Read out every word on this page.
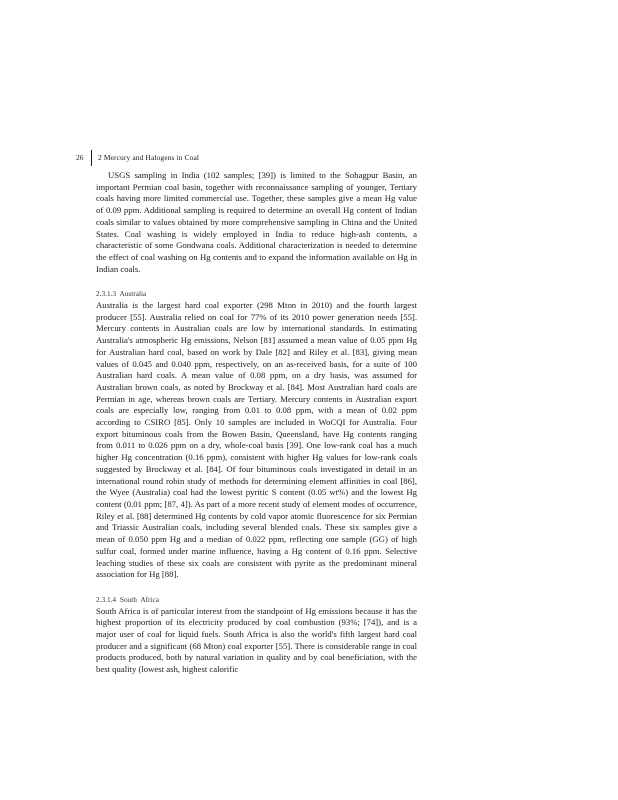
26 2 Mercury and Halogens in Coal

USGS sampling in India (102 samples; [39]) is limited to the Sohagpur Basin, an important Permian coal basin, together with reconnaissance sampling of younger, Tertiary coals having more limited commercial use. Together, these samples give a mean Hg value of 0.09 ppm. Additional sampling is required to determine an overall Hg content of Indian coals similar to values obtained by more comprehensive sampling in China and the United States. Coal washing is widely employed in India to reduce high-ash contents, a characteristic of some Gondwana coals. Additional characterization is needed to determine the effect of coal washing on Hg contents and to expand the information available on Hg in Indian coals.

2.3.1.3 Australia

Australia is the largest hard coal exporter (298 Mton in 2010) and the fourth largest producer [55]. Australia relied on coal for 77% of its 2010 power generation needs [55]. Mercury contents in Australian coals are low by international standards. In estimating Australia's atmospheric Hg emissions, Nelson [81] assumed a mean value of 0.05 ppm Hg for Australian hard coal, based on work by Dale [82] and Riley et al. [83], giving mean values of 0.045 and 0.040 ppm, respectively, on an as-received basis, for a suite of 100 Australian hard coals. A mean value of 0.08 ppm, on a dry basis, was assumed for Australian brown coals, as noted by Brockway et al. [84]. Most Australian hard coals are Permian in age, whereas brown coals are Tertiary. Mercury contents in Australian export coals are especially low, ranging from 0.01 to 0.08 ppm, with a mean of 0.02 ppm according to CSIRO [85]. Only 10 samples are included in WoCQI for Australia. Four export bituminous coals from the Bowen Basin, Queensland, have Hg contents ranging from 0.011 to 0.026 ppm on a dry, whole-coal basis [39]. One low-rank coal has a much higher Hg concentration (0.16 ppm), consistent with higher Hg values for low-rank coals suggested by Brockway et al. [84]. Of four bituminous coals investigated in detail in an international round robin study of methods for determining element affinities in coal [86], the Wyee (Australia) coal had the lowest pyritic S content (0.05 wt%) and the lowest Hg content (0.01 ppm; [87, 4]). As part of a more recent study of element modes of occurrence, Riley et al. [88] determined Hg contents by cold vapor atomic fluorescence for six Permian and Triassic Australian coals, including several blended coals. These six samples give a mean of 0.050 ppm Hg and a median of 0.022 ppm, reflecting one sample (GG) of high sulfur coal, formed under marine influence, having a Hg content of 0.16 ppm. Selective leaching studies of these six coals are consistent with pyrite as the predominant mineral association for Hg [88].

2.3.1.4 South Africa

South Africa is of particular interest from the standpoint of Hg emissions because it has the highest proportion of its electricity produced by coal combustion (93%; [74]), and is a major user of coal for liquid fuels. South Africa is also the world's fifth largest hard coal producer and a significant (68 Mton) coal exporter [55]. There is considerable range in coal products produced, both by natural variation in quality and by coal beneficiation, with the best quality (lowest ash, highest calorific
